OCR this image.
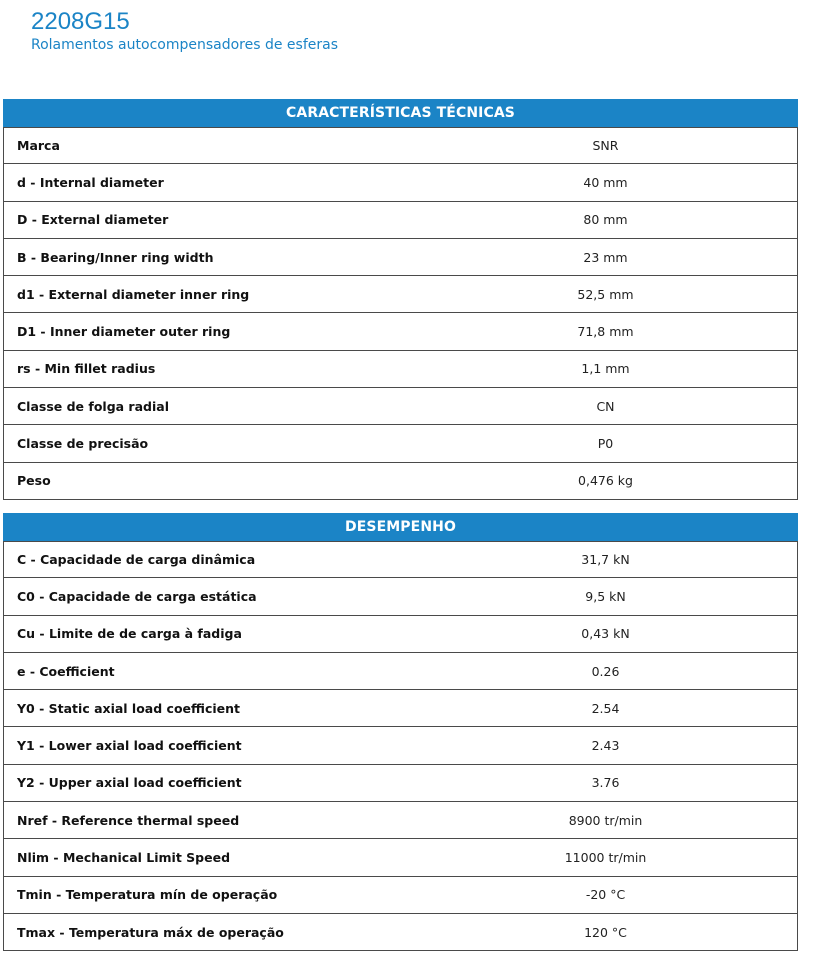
2208G15
Rolamentos autocompensadores de esferas
CARACTERÍSTICAS TÉCNICAS
Marca	SNR
d - Internal diameter	40 mm
D - External diameter	80 mm
B - Bearing/Inner ring width	23 mm
d1 - External diameter inner ring	52,5 mm
D1 - Inner diameter outer ring	71,8 mm
rs - Min fillet radius	1,1 mm
Classe de folga radial	CN
Classe de precisão	P0
Peso	0,476 kg
DESEMPENHO
C - Capacidade de carga dinâmica	31,7 kN
C0 - Capacidade de carga estática	9,5 kN
Cu - Limite de de carga à fadiga	0,43 kN
e - Coefficient	0.26
Y0 - Static axial load coefficient	2.54
Y1 - Lower axial load coefficient	2.43
Y2 - Upper axial load coefficient	3.76
Nref - Reference thermal speed	8900 tr/min
Nlim - Mechanical Limit Speed	11000 tr/min
Tmin - Temperatura mín de operação	-20 °C
Tmax - Temperatura máx de operação	120 °C
